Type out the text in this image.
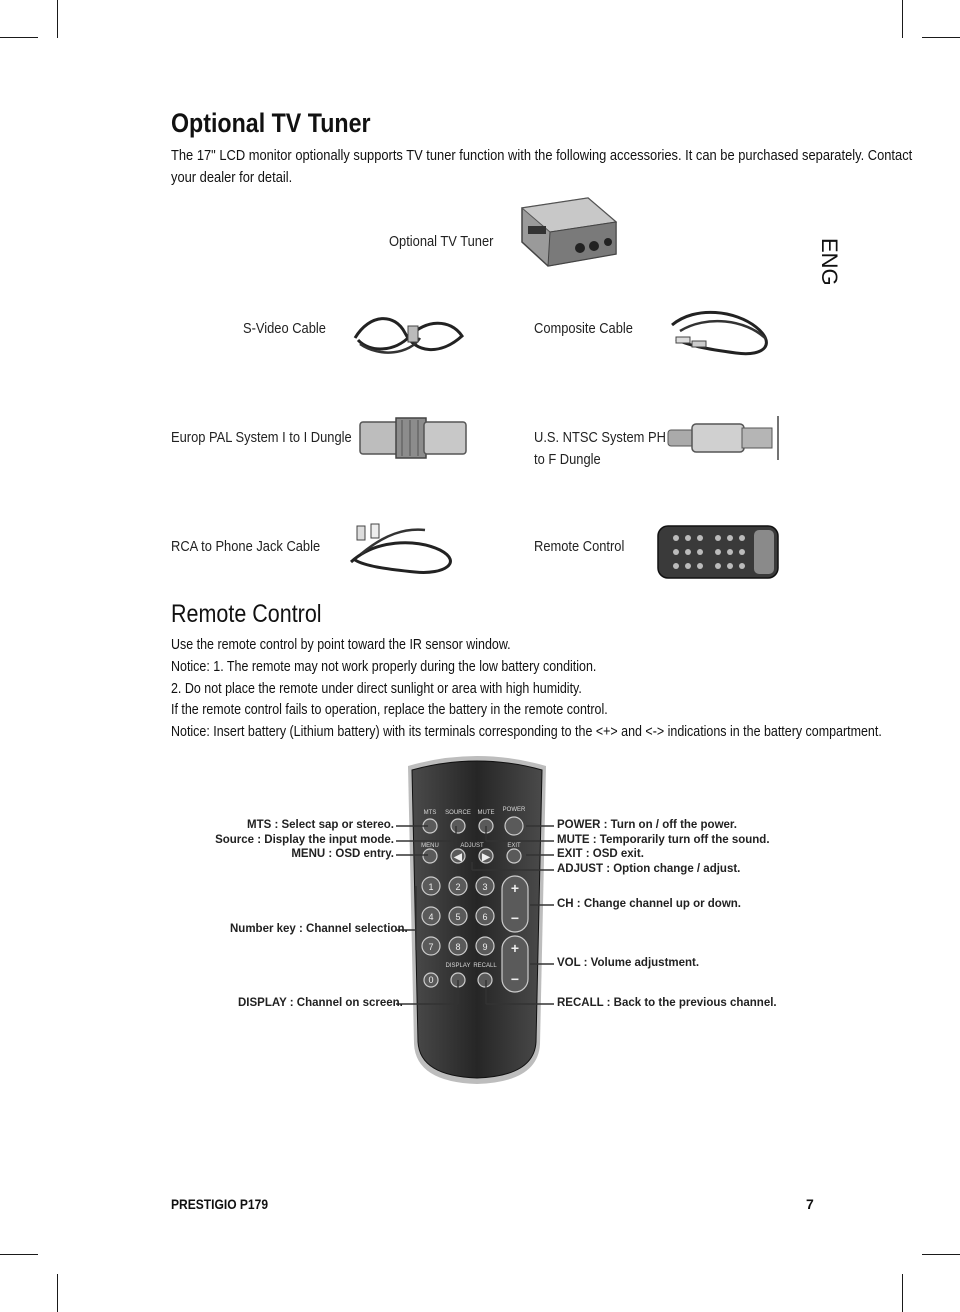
Optional TV Tuner
The 17" LCD monitor optionally supports TV tuner function with the following accessories. It can be purchased separately. Contact your dealer for detail.
ENG
Optional TV Tuner
S-Video Cable	Composite Cable
Europ PAL System I to I Dungle	U.S. NTSC System PH
to F Dungle
RCA to Phone Jack Cable	Remote Control
Remote Control

Use the remote control by point toward the IR sensor window.

Notice: 1. The remote may not work properly during the low battery condition.

2. Do not place the remote under direct sunlight or area with high humidity.

If the remote control fails to operation, replace the battery in the remote control.

Notice: Insert battery (Lithium battery) with its terminals corresponding to the <+> and <-> indications in the battery compartment.

MTS SOURCE MUTE POWER
MENU	ADJUST	EXIT
DISPLAY RECALL
+
−
+
−
◀ ▶
1 2 3
4 5 6
7 8 9
0
MTS : Select sap or stereo.
Source : Display the input mode.
MENU : OSD entry.
Number key : Channel selection.
DISPLAY : Channel on screen.
POWER : Turn on / off the power.
MUTE : Temporarily turn off the sound.
EXIT : OSD exit.
ADJUST : Option change / adjust.
CH : Change channel up or down.
VOL : Volume adjustment.
RECALL : Back to the previous channel.
PRESTIGIO P179	7
